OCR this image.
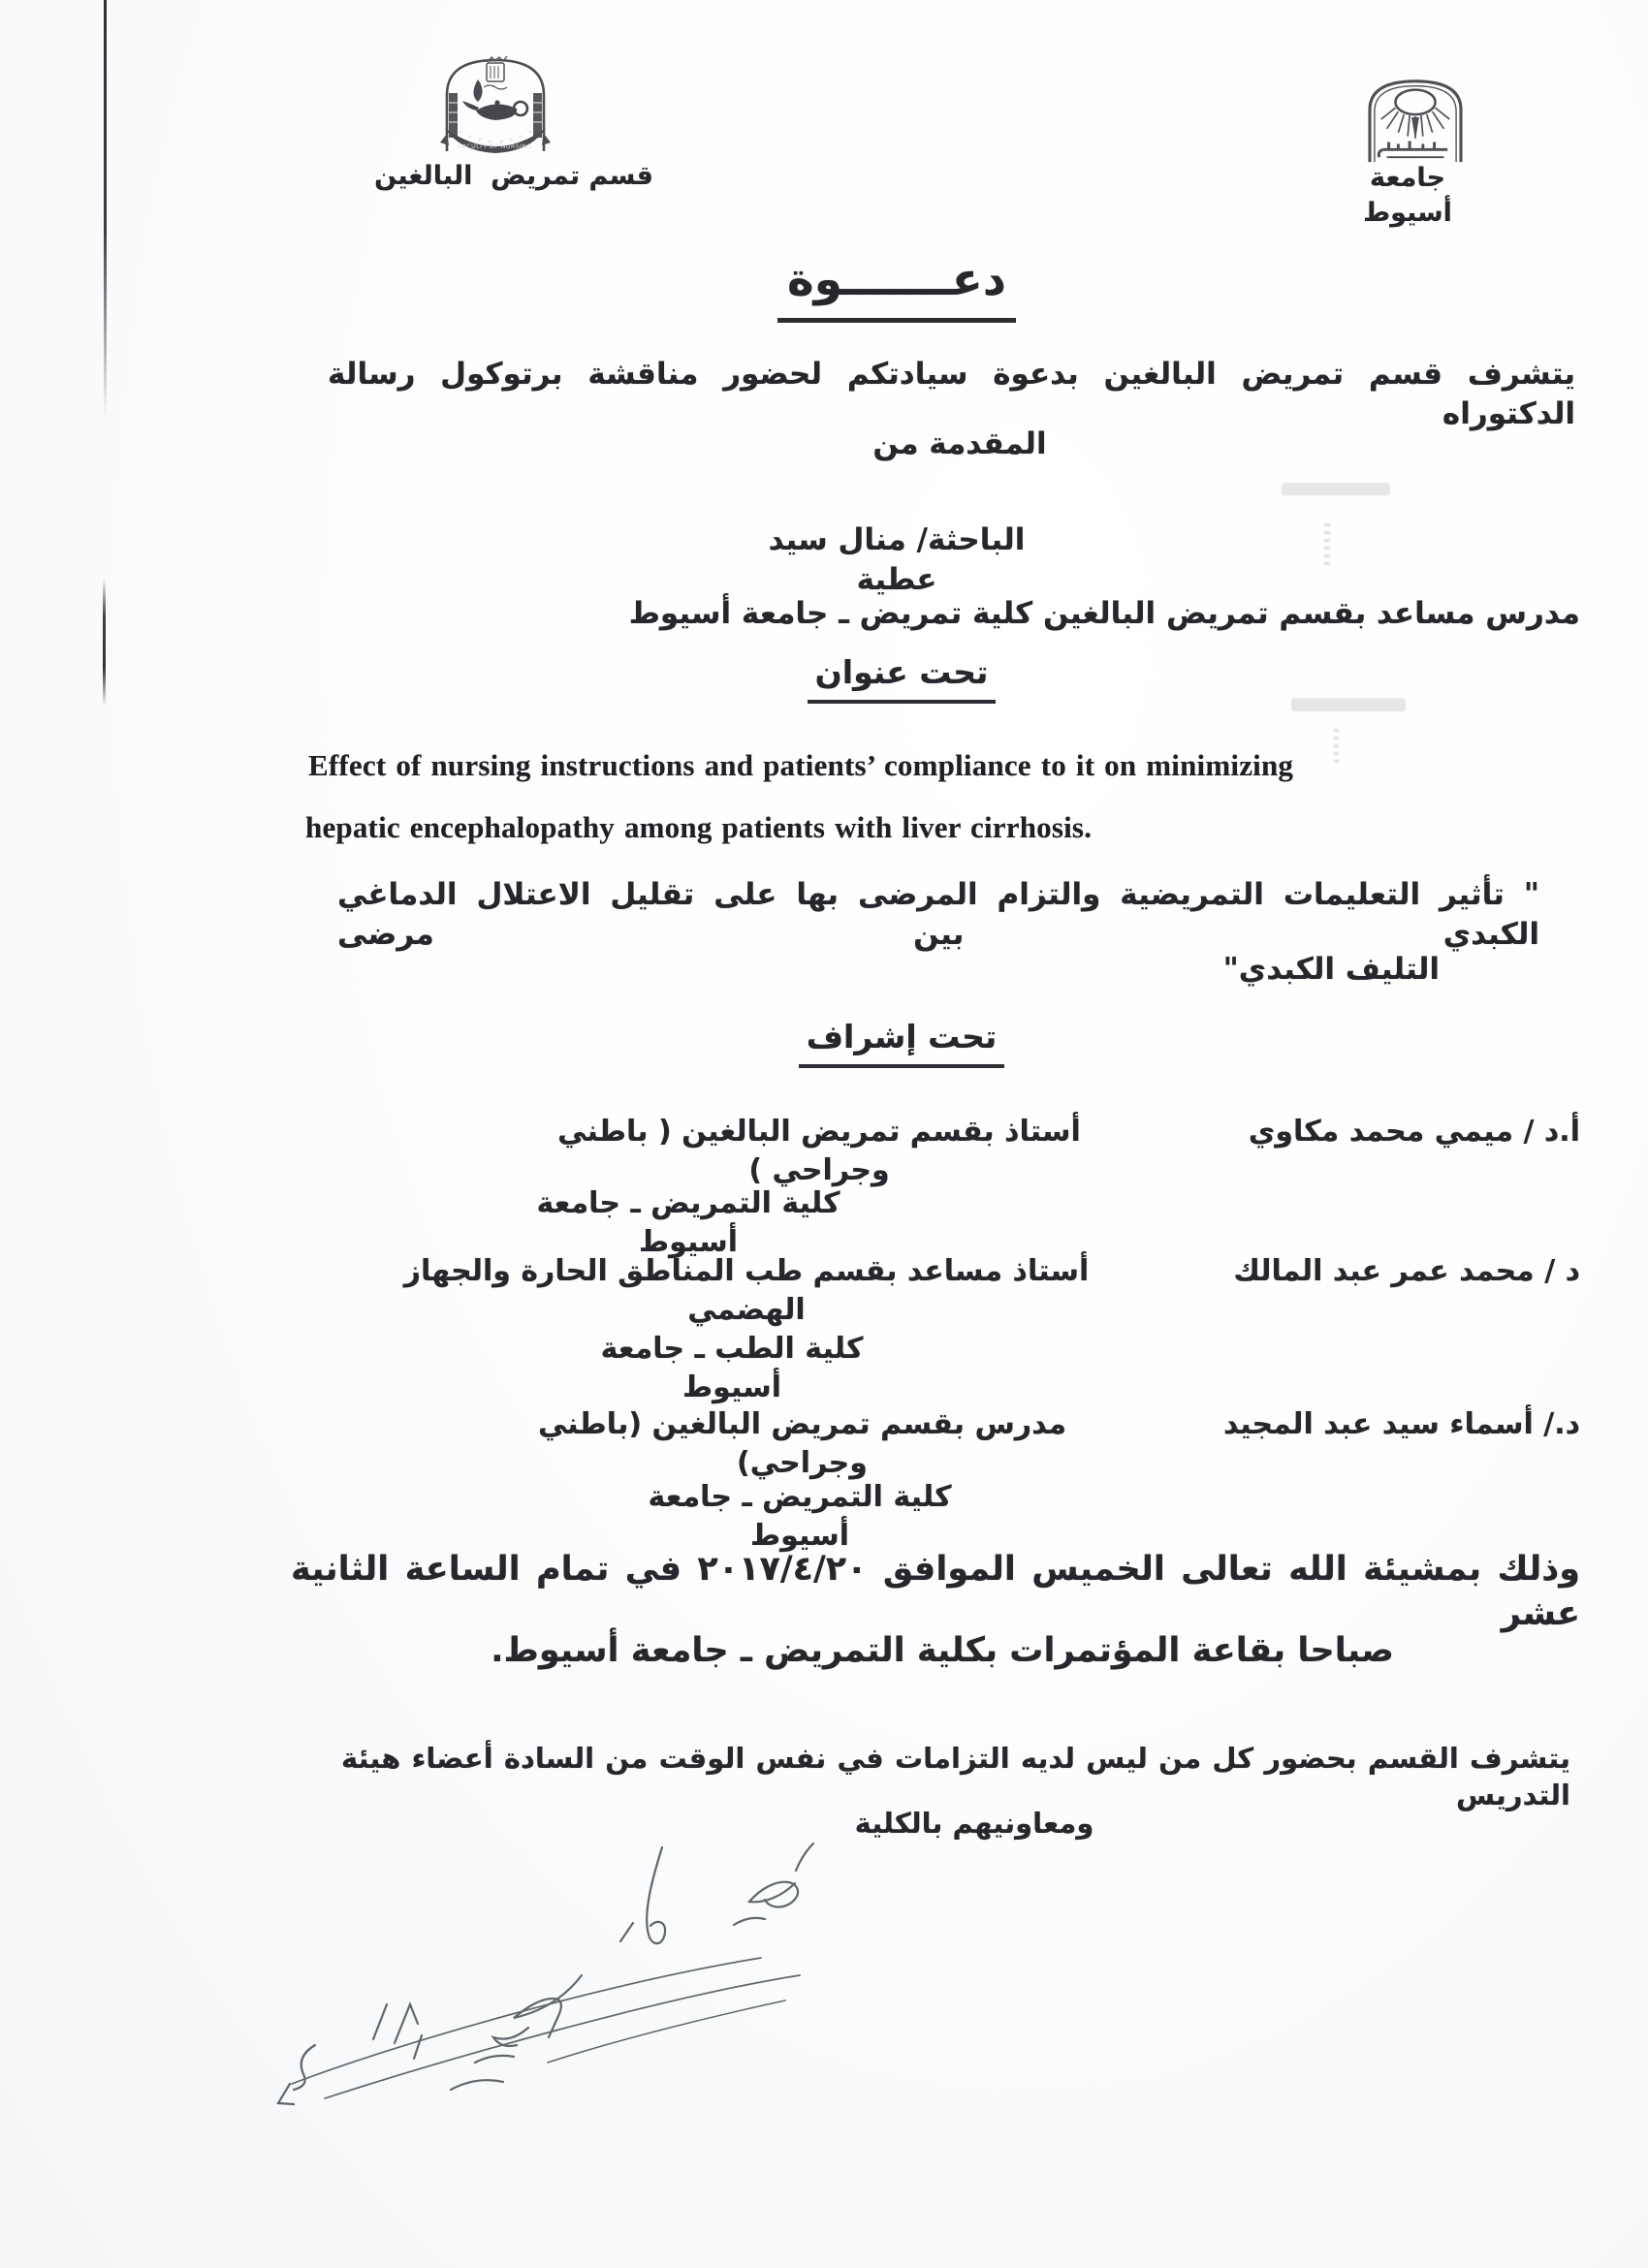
FACULTY OF NURSING
قسم تمريض  البالغين	جامعة أسيوط
دعـــــــوة
يتشرف قسم تمريض البالغين بدعوة سيادتكم لحضور مناقشة برتوكول رسالة الدكتوراه
المقدمة من
الباحثة/ منال سيد عطية
مدرس مساعد بقسم تمريض البالغين كلية تمريض ـ جامعة أسيوط
تحت عنوان
Effect of nursing instructions and patients’ compliance to it on minimizing
hepatic encephalopathy among patients with liver cirrhosis.
" تأثير التعليمات التمريضية والتزام المرضى بها على تقليل الاعتلال الدماغي الكبدي بين مرضى
التليف الكبدي"
تحت إشراف
أ.د / ميمي محمد مكاوي
أستاذ بقسم تمريض البالغين ( باطني وجراحي )
كلية التمريض ـ جامعة أسيوط
د / محمد عمر عبد المالك
أستاذ مساعد بقسم طب المناطق الحارة والجهاز الهضمي
كلية الطب ـ جامعة أسيوط
د./ أسماء سيد عبد المجيد
مدرس بقسم تمريض البالغين (باطني وجراحي)
كلية التمريض ـ جامعة أسيوط
وذلك بمشيئة الله تعالى الخميس الموافق ٢٠١٧/٤/٢٠ في تمام الساعة الثانية عشر
صباحا بقاعة المؤتمرات بكلية التمريض ـ جامعة أسيوط.
يتشرف القسم بحضور كل من ليس لديه التزامات في نفس الوقت من السادة أعضاء هيئة التدريس
ومعاونيهم بالكلية
